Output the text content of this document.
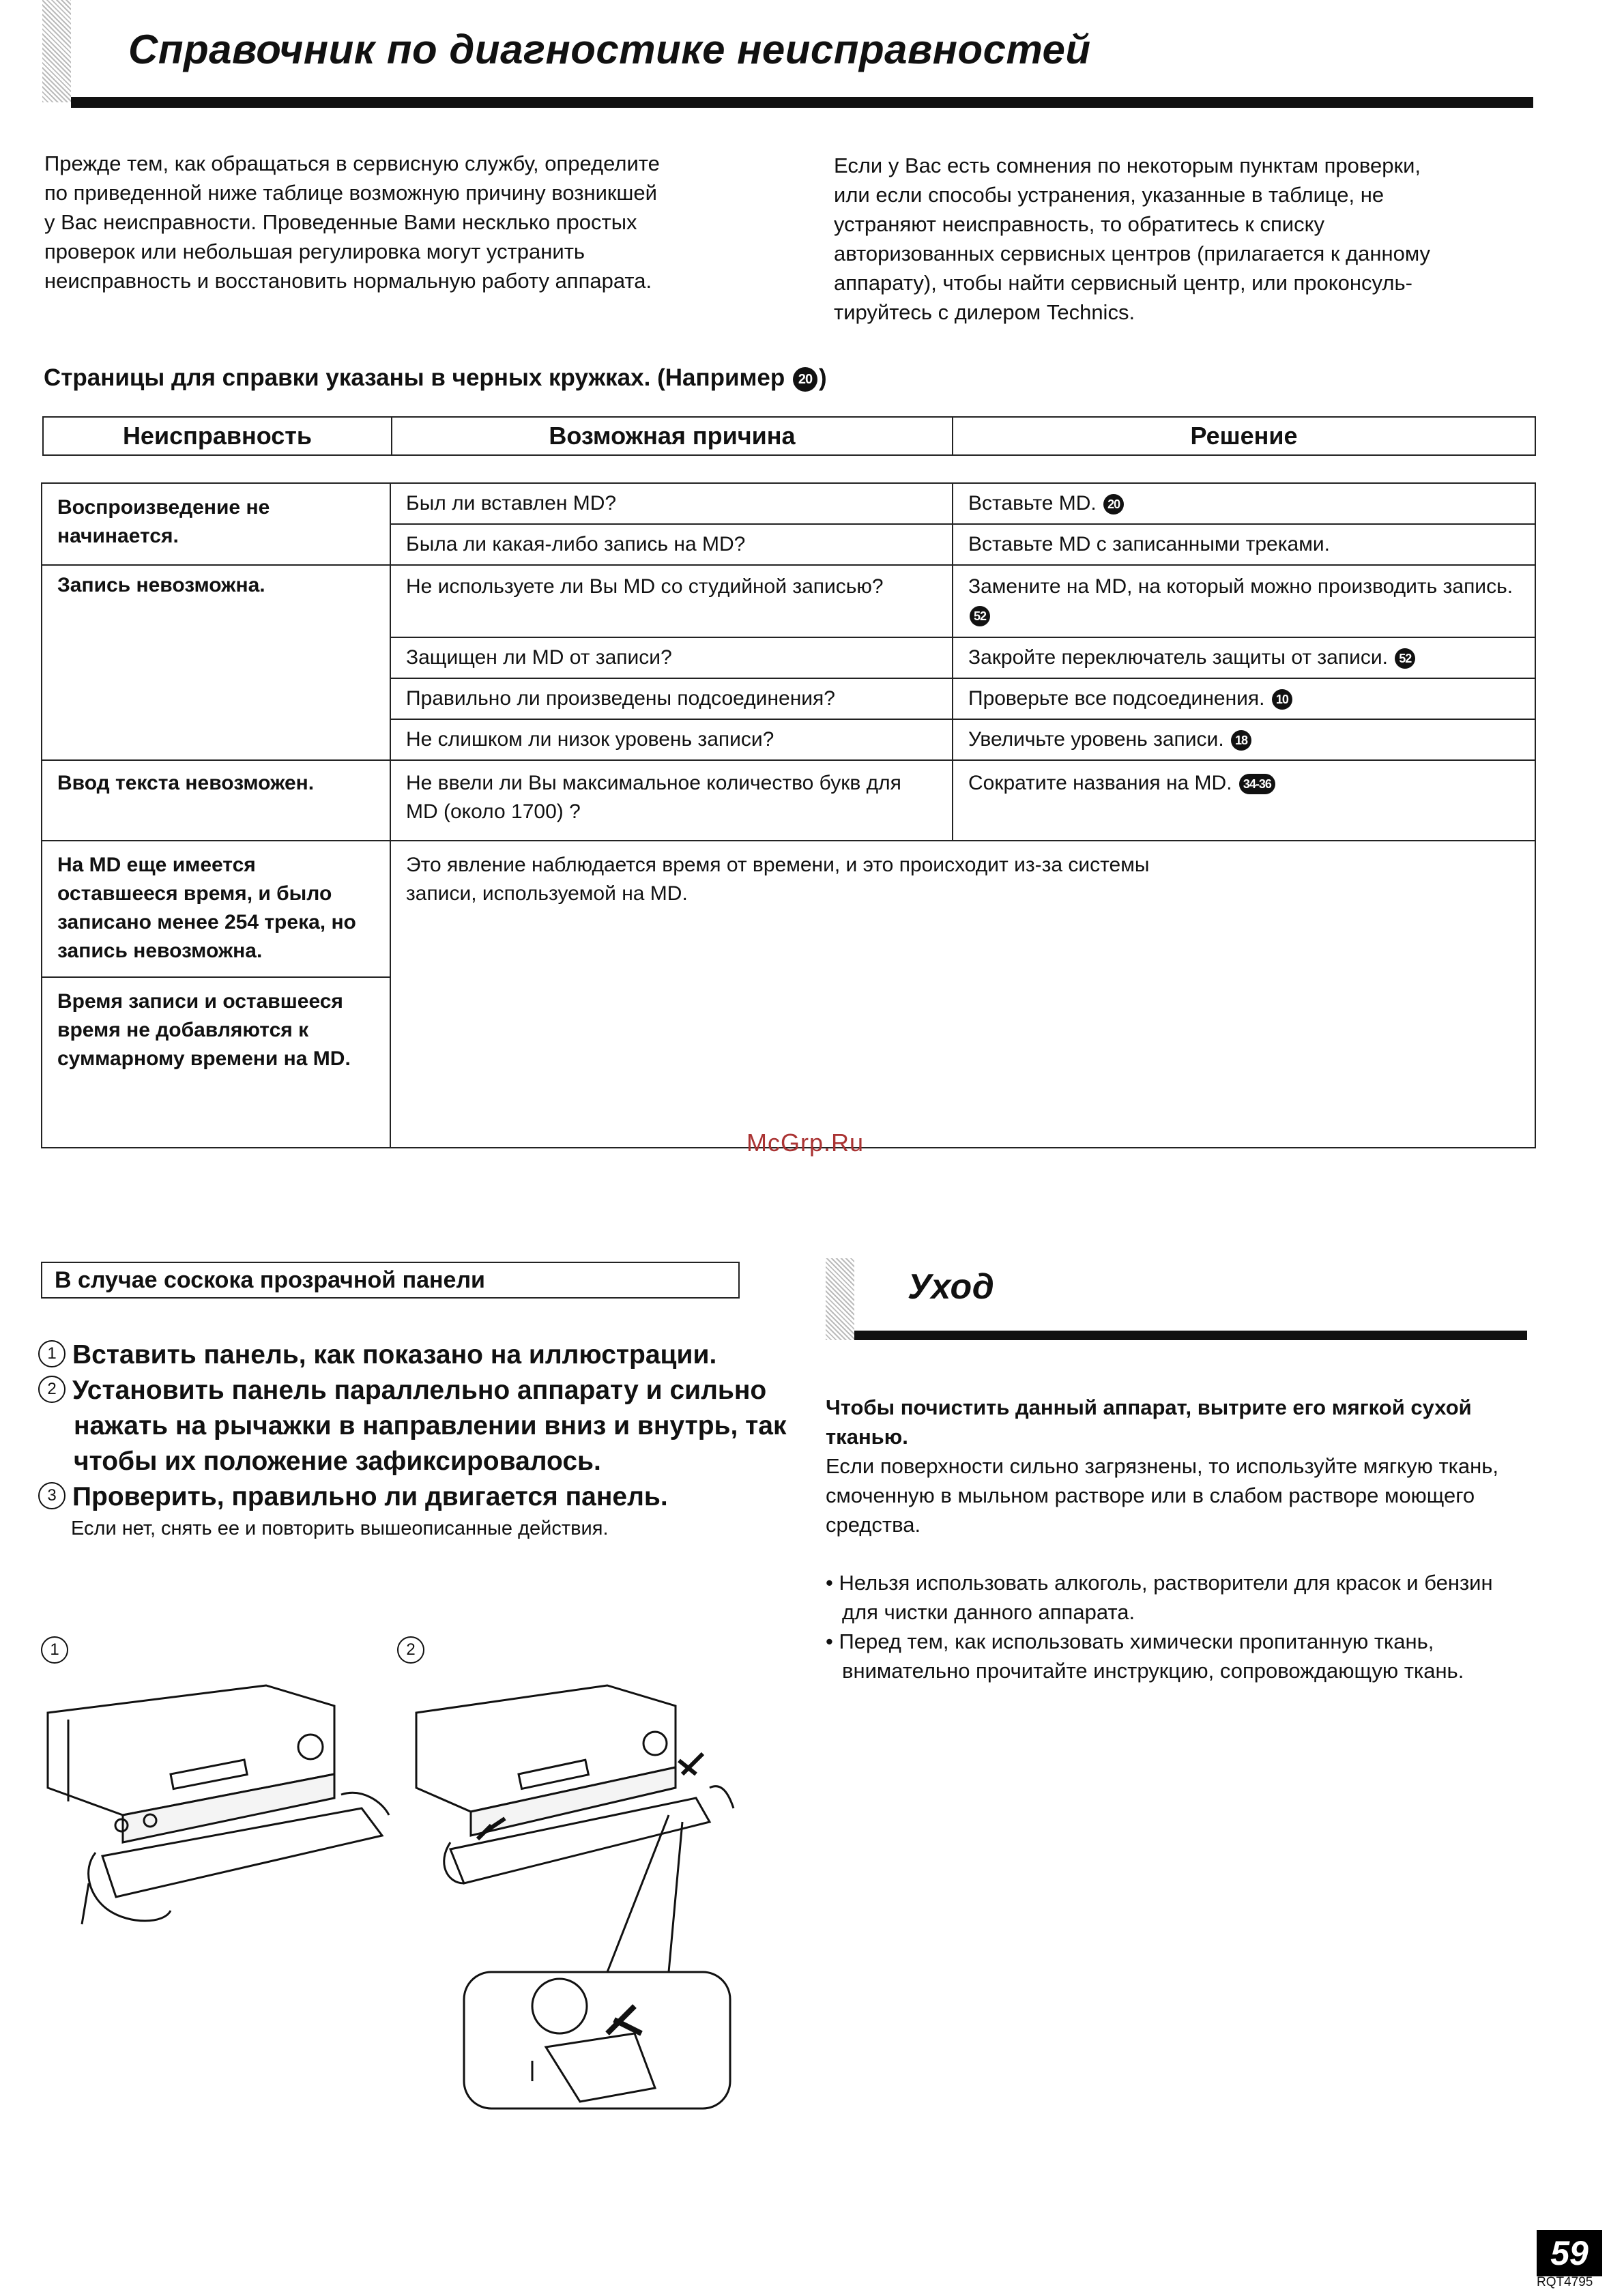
Справочник по диагностике неисправностей

Прежде тем, как обращаться в сервисную службу, определите

по приведенной ниже таблице возможную причину возникшей

у Вас неисправности. Проведенные Вами несклько простых

проверок или небольшая регулировка могут устранить

неисправность и восстановить нормальную работу аппарата.

Если у Вас есть сомнения по некоторым пунктам проверки,

или если способы устранения, указанные в таблице, не

устраняют неисправность, то обратитесь к списку

авторизованных сервисных центров (прилагается к данному

аппарату), чтобы найти сервисный центр, или проконсуль-

тируйтесь с дилером Technics.

Страницы для справки указаны в черных кружках. (Например 20 )
Неисправность	Возможная причина	Решение
Воспроизведение не начинается.	Был ли вставлен MD?	Вставьте MD. 20
	Была ли какая-либо запись на MD?	Вставьте MD с записанными треками.
Запись невозможна.	Не используете ли Вы MD со студийной записью?	Замените на MD, на который можно производить запись. 52
	Защищен ли MD от записи?	Закройте переключатель защиты от записи. 52
	Правильно ли произведены подсоединения?	Проверьте все подсоединения. 10
	Не слишком ли низок уровень записи?	Увеличьте уровень записи. 18
Ввод текста невозможен.	Не ввели ли Вы максимальное количество букв для MD (около 1700) ?	Сократите названия на MD. 34-36
На MD еще имеется оставшееся время, и было записано менее 254 трека, но запись невозможна.	Это явление наблюдается время от времени, и это происходит из-за системы записи, используемой на MD.	
Время записи и оставшееся время не добавляются к суммарному времени на MD.		
McGrp.Ru
В случае соскока прозрачной панели
1 Вставить панель, как показано на иллюстрации.
2 Установить панель параллельно аппарату и сильно нажать на рычажки в направлении вниз и внутрь, так чтобы их положение зафиксировалось.
3 Проверить, правильно ли двигается панель.
Если нет, снять ее и повторить вышеописанные действия.
1	2
Уход

Чтобы почистить данный аппарат, вытрите его мягкой сухой тканью.

Если поверхности сильно загрязнены, то используйте мягкую ткань, смоченную в мыльном растворе или в слабом растворе моющего средства.

• Нельзя использовать алкоголь, растворители для красок и бензин для чистки данного аппарата.

• Перед тем, как использовать химически пропитанную ткань, внимательно прочитайте инструкцию, сопровождающую ткань.

59
RQT4795
